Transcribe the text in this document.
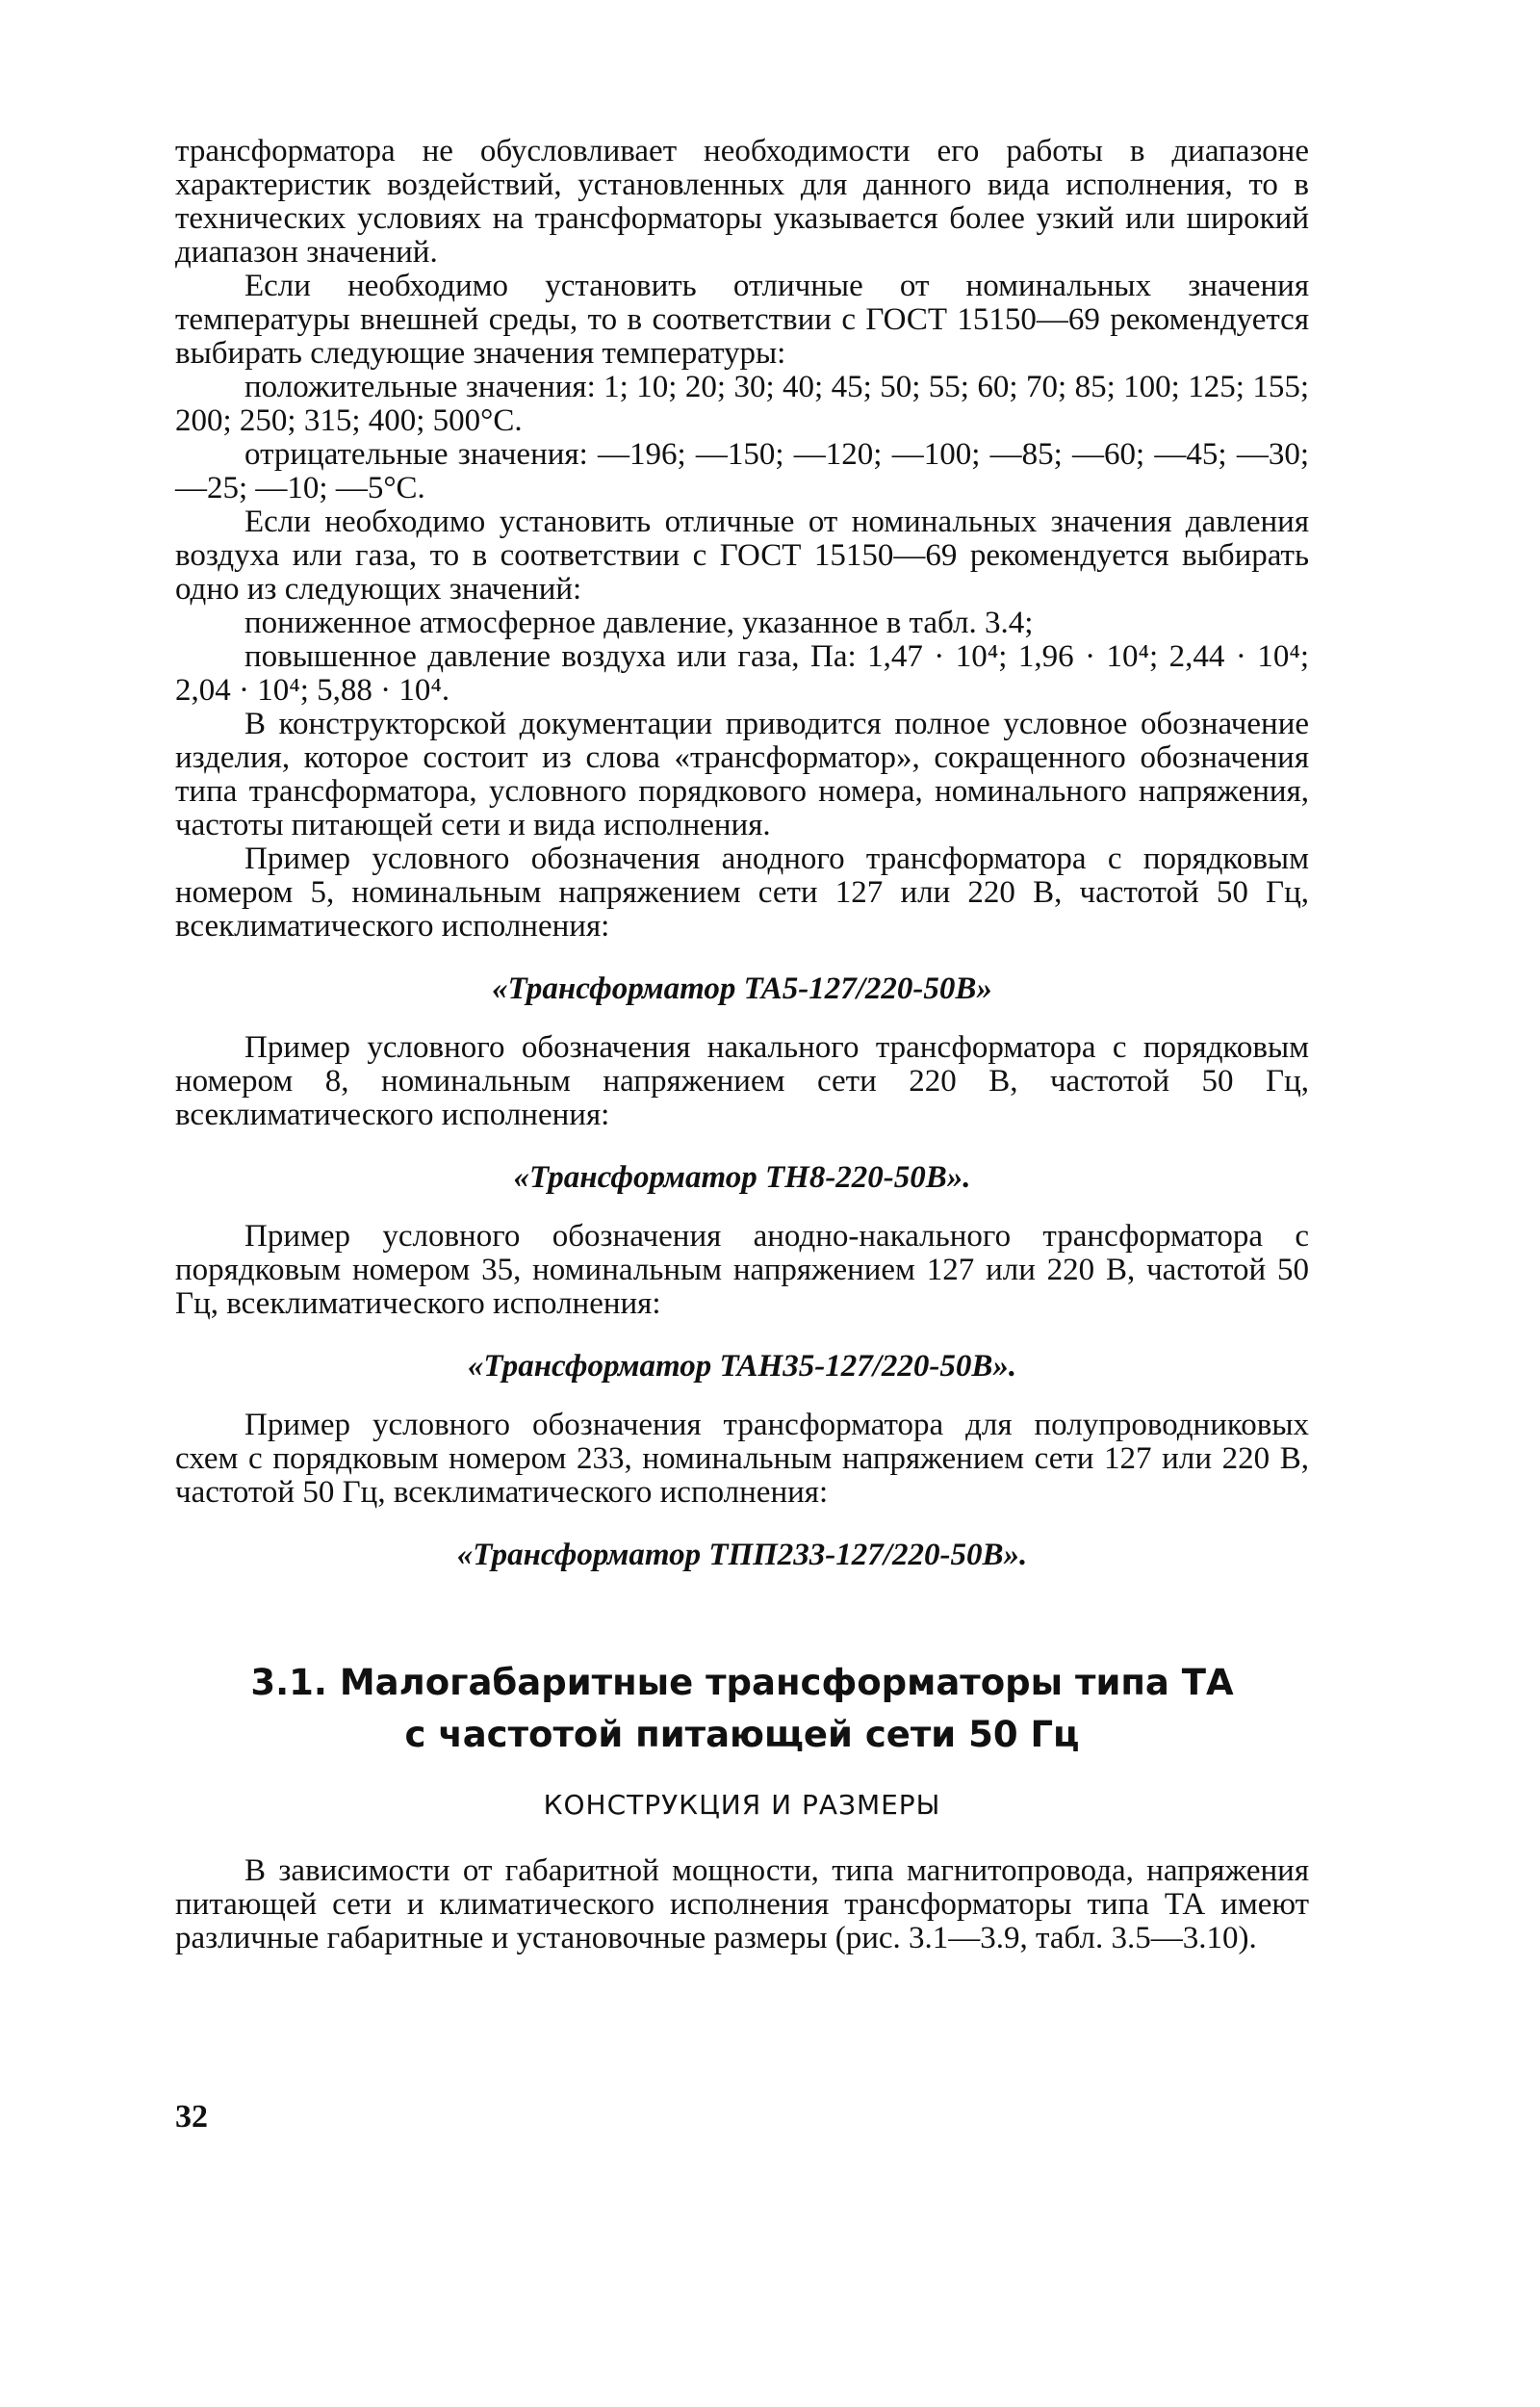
трансформатора не обусловливает необходимости его работы в диапазоне характеристик воздействий, установленных для данного вида исполнения, то в технических условиях на трансформаторы указывается более узкий или широкий диапазон значений.

Если необходимо установить отличные от номинальных значения температуры внешней среды, то в соответствии с ГОСТ 15150—69 рекомендуется выбирать следующие значения температуры:

положительные значения: 1; 10; 20; 30; 40; 45; 50; 55; 60; 70; 85; 100; 125; 155; 200; 250; 315; 400; 500°С.

отрицательные значения: —196; —150; —120; —100; —85; —60; —45; —30; —25; —10; —5°С.

Если необходимо установить отличные от номинальных значения давления воздуха или газа, то в соответствии с ГОСТ 15150—69 рекомендуется выбирать одно из следующих значений:

пониженное атмосферное давление, указанное в табл. 3.4;

повышенное давление воздуха или газа, Па: 1,47 · 10⁴; 1,96 · 10⁴; 2,44 · 10⁴; 2,04 · 10⁴; 5,88 · 10⁴.

В конструкторской документации приводится полное условное обозначение изделия, которое состоит из слова «трансформатор», сокращенного обозначения типа трансформатора, условного порядкового номера, номинального напряжения, частоты питающей сети и вида исполнения.

Пример условного обозначения анодного трансформатора с порядковым номером 5, номинальным напряжением сети 127 или 220 В, частотой 50 Гц, всеклиматического исполнения:

«Трансформатор ТА5-127/220-50В»

Пример условного обозначения накального трансформатора с порядковым номером 8, номинальным напряжением сети 220 В, частотой 50 Гц, всеклиматического исполнения:

«Трансформатор ТН8-220-50В».

Пример условного обозначения анодно-накального трансформатора с порядковым номером 35, номинальным напряжением 127 или 220 В, частотой 50 Гц, всеклиматического исполнения:

«Трансформатор ТАН35-127/220-50В».

Пример условного обозначения трансформатора для полупроводниковых схем с порядковым номером 233, номинальным напряжением сети 127 или 220 В, частотой 50 Гц, всеклиматического исполнения:

«Трансформатор ТПП233-127/220-50В».

3.1. Малогабаритные трансформаторы типа ТА
с частотой питающей сети 50 Гц
КОНСТРУКЦИЯ И РАЗМЕРЫ

В зависимости от габаритной мощности, типа магнитопровода, напряжения питающей сети и климатического исполнения трансформаторы типа ТА имеют различные габаритные и установочные размеры (рис. 3.1—3.9, табл. 3.5—3.10).

32
